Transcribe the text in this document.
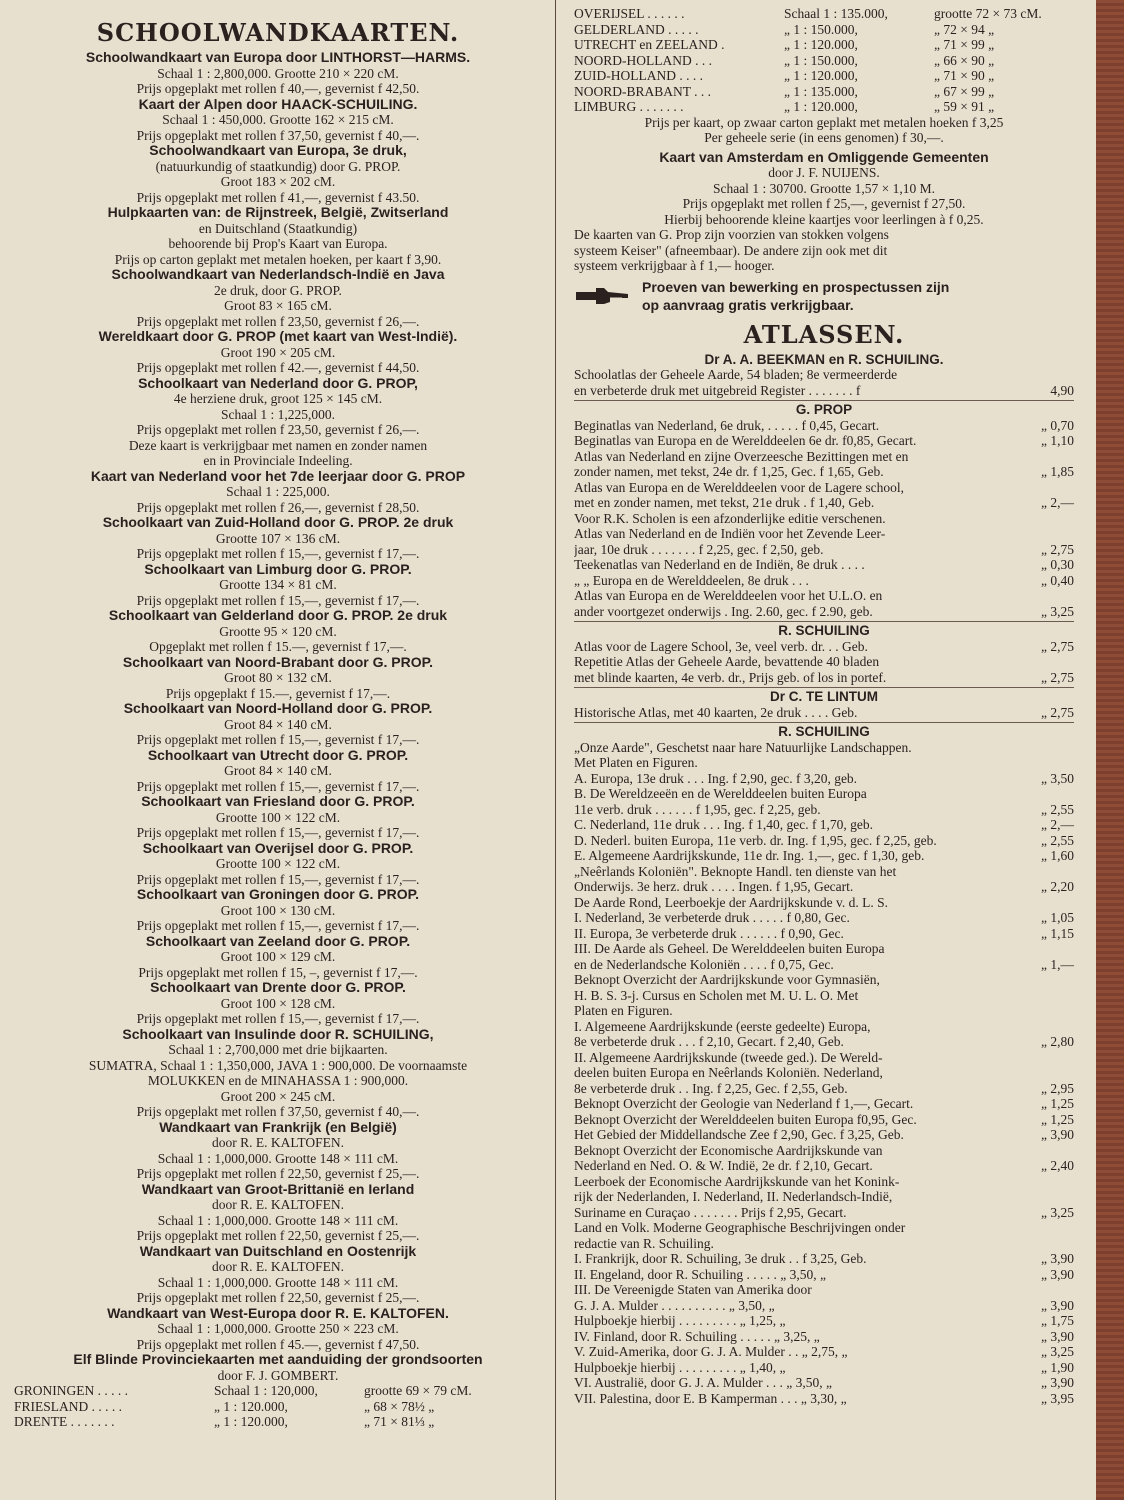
SCHOOLWANDKAARTEN.
Schoolwandkaart van Europa door LINTHORST—HARMS.
Schaal 1 : 2,800,000. Grootte 210 × 220 cM.
Prijs opgeplakt met rollen f 40,—, gevernist f 42,50.
Kaart der Alpen door HAACK-SCHUILING.
Schaal 1 : 450,000. Grootte 162 × 215 cM.
Prijs opgeplakt met rollen f 37,50, gevernist f 40,—.
Schoolwandkaart van Europa, 3e druk,
(natuurkundig of staatkundig) door G. PROP.
Groot 183 × 202 cM.
Prijs opgeplakt met rollen f 41,—, gevernist f 43.50.
Hulpkaarten van: de Rijnstreek, België, Zwitserland
en Duitschland (Staatkundig)
behoorende bij Prop's Kaart van Europa.
Prijs op carton geplakt met metalen hoeken, per kaart f 3,90.
Schoolwandkaart van Nederlandsch-Indië en Java
2e druk, door G. PROP.
Groot 83 × 165 cM.
Prijs opgeplakt met rollen f 23,50, gevernist f 26,—.
Wereldkaart door G. PROP (met kaart van West-Indië).
Groot 190 × 205 cM.
Prijs opgeplakt met rollen f 42.—, gevernist f 44,50.
Schoolkaart van Nederland door G. PROP,
4e herziene druk, groot 125 × 145 cM.
Schaal 1 : 1,225,000.
Prijs opgeplakt met rollen f 23,50, gevernist f 26,—.
Deze kaart is verkrijgbaar met namen en zonder namen
en in Provinciale Indeeling.
Kaart van Nederland voor het 7de leerjaar door G. PROP
Schaal 1 : 225,000.
Prijs opgeplakt met rollen f 26,—, gevernist f 28,50.
Schoolkaart van Zuid-Holland door G. PROP. 2e druk
Grootte 107 × 136 cM.
Prijs opgeplakt met rollen f 15,—, gevernist f 17,—.
Schoolkaart van Limburg door G. PROP.
Grootte 134 × 81 cM.
Prijs opgeplakt met rollen f 15,—, gevernist f 17,—.
Schoolkaart van Gelderland door G. PROP. 2e druk
Grootte 95 × 120 cM.
Opgeplakt met rollen f 15.—, gevernist f 17,—.
Schoolkaart van Noord-Brabant door G. PROP.
Groot 80 × 132 cM.
Prijs opgeplakt f 15.—, gevernist f 17,—.
Schoolkaart van Noord-Holland door G. PROP.
Groot 84 × 140 cM.
Prijs opgeplakt met rollen f 15,—, gevernist f 17,—.
Schoolkaart van Utrecht door G. PROP.
Groot 84 × 140 cM.
Prijs opgeplakt met rollen f 15,—, gevernist f 17,—.
Schoolkaart van Friesland door G. PROP.
Grootte 100 × 122 cM.
Prijs opgeplakt met rollen f 15,—, gevernist f 17,—.
Schoolkaart van Overijsel door G. PROP.
Grootte 100 × 122 cM.
Prijs opgeplakt met rollen f 15,—, gevernist f 17,—.
Schoolkaart van Groningen door G. PROP.
Groot 100 × 130 cM.
Prijs opgeplakt met rollen f 15,—, gevernist f 17,—.
Schoolkaart van Zeeland door G. PROP.
Groot 100 × 129 cM.
Prijs opgeplakt met rollen f 15, –, gevernist f 17,—.
Schoolkaart van Drente door G. PROP.
Groot 100 × 128 cM.
Prijs opgeplakt met rollen f 15,—, gevernist f 17,—.
Schoolkaart van Insulinde door R. SCHUILING,
Schaal 1 : 2,700,000 met drie bijkaarten.
SUMATRA, Schaal 1 : 1,350,000, JAVA 1 : 900,000. De voornaamste
MOLUKKEN en de MINAHASSA 1 : 900,000.
Groot 200 × 245 cM.
Prijs opgeplakt met rollen f 37,50, gevernist f 40,—.
Wandkaart van Frankrijk (en België)
door R. E. KALTOFEN.
Schaal 1 : 1,000,000. Grootte 148 × 111 cM.
Prijs opgeplakt met rollen f 22,50, gevernist f 25,—.
Wandkaart van Groot-Brittanië en Ierland
door R. E. KALTOFEN.
Schaal 1 : 1,000,000. Grootte 148 × 111 cM.
Prijs opgeplakt met rollen f 22,50, gevernist f 25,—.
Wandkaart van Duitschland en Oostenrijk
door R. E. KALTOFEN.
Schaal 1 : 1,000,000. Grootte 148 × 111 cM.
Prijs opgeplakt met rollen f 22,50, gevernist f 25,—.
Wandkaart van West-Europa door R. E. KALTOFEN.
Schaal 1 : 1,000,000. Grootte 250 × 223 cM.
Prijs opgeplakt met rollen f 45.—, gevernist f 47,50.
Elf Blinde Provinciekaarten met aanduiding der grondsoorten
door F. J. GOMBERT.
GRONINGEN . . . . .	Schaal 1 : 120,000,	grootte 69 × 79 cM.
FRIESLAND . . . . .	„ 1 : 120.000,	„ 68 × 78½ „
DRENTE . . . . . . .	„ 1 : 120.000,	„ 71 × 81⅓ „
OVERIJSEL . . . . . .	Schaal 1 : 135.000,	grootte 72 × 73 cM.
GELDERLAND . . . . .	„ 1 : 150.000,	„ 72 × 94 „
UTRECHT en ZEELAND .	„ 1 : 120.000,	„ 71 × 99 „
NOORD-HOLLAND . . .	„ 1 : 150.000,	„ 66 × 90 „
ZUID-HOLLAND . . . .	„ 1 : 120.000,	„ 71 × 90 „
NOORD-BRABANT . . .	„ 1 : 135.000,	„ 67 × 99 „
LIMBURG . . . . . . .	„ 1 : 120.000,	„ 59 × 91 „
Prijs per kaart, op zwaar carton geplakt met metalen hoeken f 3,25
Per geheele serie (in eens genomen) f 30,—.
Kaart van Amsterdam en Omliggende Gemeenten
door J. F. NUIJENS.
Schaal 1 : 30700. Grootte 1,57 × 1,10 M.
Prijs opgeplakt met rollen f 25,—, gevernist f 27,50.
Hierbij behoorende kleine kaartjes voor leerlingen à f 0,25.
De kaarten van G. Prop zijn voorzien van stokken volgens
systeem Keiser" (afneembaar). De andere zijn ook met dit
systeem verkrijgbaar à f 1,— hooger.
Proeven van bewerking en prospectussen zijn
op aanvraag gratis verkrijgbaar.
ATLASSEN.
Dr A. A. BEEKMAN en R. SCHUILING.
Schoolatlas der Geheele Aarde, 54 bladen; 8e vermeerderde
en verbeterde druk met uitgebreid Register . . . . . . . f	4,90
G. PROP
Beginatlas van Nederland, 6e druk, . . . . . f 0,45, Gecart.	„ 0,70
Beginatlas van Europa en de Werelddeelen 6e dr. f0,85, Gecart.	„ 1,10
Atlas van Nederland en zijne Overzeesche Bezittingen met en
zonder namen, met tekst, 24e dr. f 1,25, Gec. f 1,65, Geb.	„ 1,85
Atlas van Europa en de Werelddeelen voor de Lagere school,
met en zonder namen, met tekst, 21e druk . f 1,40, Geb.	„ 2,—
Voor R.K. Scholen is een afzonderlijke editie verschenen.
Atlas van Nederland en de Indiën voor het Zevende Leer-
jaar, 10e druk . . . . . . . f 2,25, gec. f 2,50, geb.	„ 2,75
Teekenatlas van Nederland en de Indiën, 8e druk . . . .	„ 0,30
„ „ Europa en de Werelddeelen, 8e druk . . .	„ 0,40
Atlas van Europa en de Werelddeelen voor het U.L.O. en
ander voortgezet onderwijs . Ing. 2.60, gec. f 2.90, geb.	„ 3,25
R. SCHUILING
Atlas voor de Lagere School, 3e, veel verb. dr. . . Geb.	„ 2,75
Repetitie Atlas der Geheele Aarde, bevattende 40 bladen
met blinde kaarten, 4e verb. dr., Prijs geb. of los in portef.	„ 2,75
Dr C. TE LINTUM
Historische Atlas, met 40 kaarten, 2e druk . . . . Geb.	„ 2,75
R. SCHUILING
„Onze Aarde", Geschetst naar hare Natuurlijke Landschappen.
Met Platen en Figuren.
A. Europa, 13e druk . . . Ing. f 2,90, gec. f 3,20, geb.	„ 3,50
B. De Wereldzeeën en de Werelddeelen buiten Europa
11e verb. druk . . . . . . f 1,95, gec. f 2,25, geb.	„ 2,55
C. Nederland, 11e druk . . . Ing. f 1,40, gec. f 1,70, geb.	„ 2,—
D. Nederl. buiten Europa, 11e verb. dr. Ing. f 1,95, gec. f 2,25, geb.	„ 2,55
E. Algemeene Aardrijkskunde, 11e dr. Ing. 1,—, gec. f 1,30, geb.	„ 1,60
„Neêrlands Koloniën". Beknopte Handl. ten dienste van het
Onderwijs. 3e herz. druk . . . . Ingen. f 1,95, Gecart.	„ 2,20
De Aarde Rond, Leerboekje der Aardrijkskunde v. d. L. S.
I. Nederland, 3e verbeterde druk . . . . . f 0,80, Gec.	„ 1,05
II. Europa, 3e verbeterde druk . . . . . . f 0,90, Gec.	„ 1,15
III. De Aarde als Geheel. De Werelddeelen buiten Europa
en de Nederlandsche Koloniën . . . . f 0,75, Gec.	„ 1,—
Beknopt Overzicht der Aardrijkskunde voor Gymnasiën,
H. B. S. 3-j. Cursus en Scholen met M. U. L. O. Met
Platen en Figuren.
I. Algemeene Aardrijkskunde (eerste gedeelte) Europa,
8e verbeterde druk . . . f 2,10, Gecart. f 2,40, Geb.	„ 2,80
II. Algemeene Aardrijkskunde (tweede ged.). De Wereld-
deelen buiten Europa en Neêrlands Koloniën. Nederland,
8e verbeterde druk . . Ing. f 2,25, Gec. f 2,55, Geb.	„ 2,95
Beknopt Overzicht der Geologie van Nederland f 1,—, Gecart.	„ 1,25
Beknopt Overzicht der Werelddeelen buiten Europa f0,95, Gec.	„ 1,25
Het Gebied der Middellandsche Zee f 2,90, Gec. f 3,25, Geb.	„ 3,90
Beknopt Overzicht der Economische Aardrijkskunde van
Nederland en Ned. O. & W. Indië, 2e dr. f 2,10, Gecart.	„ 2,40
Leerboek der Economische Aardrijkskunde van het Konink-
rijk der Nederlanden, I. Nederland, II. Nederlandsch-Indië,
Suriname en Curaçao . . . . . . . Prijs f 2,95, Gecart.	„ 3,25
Land en Volk. Moderne Geographische Beschrijvingen onder
redactie van R. Schuiling.
I. Frankrijk, door R. Schuiling, 3e druk . . f 3,25, Geb.	„ 3,90
II. Engeland, door R. Schuiling . . . . . „ 3,50, „	„ 3,90
III. De Vereenigde Staten van Amerika door
G. J. A. Mulder . . . . . . . . . . „ 3,50, „	„ 3,90
Hulpboekje hierbij . . . . . . . . . „ 1,25, „	„ 1,75
IV. Finland, door R. Schuiling . . . . . „ 3,25, „	„ 3,90
V. Zuid-Amerika, door G. J. A. Mulder . . „ 2,75, „	„ 3,25
Hulpboekje hierbij . . . . . . . . . „ 1,40, „	„ 1,90
VI. Australië, door G. J. A. Mulder . . . „ 3,50, „	„ 3,90
VII. Palestina, door E. B Kamperman . . . „ 3,30, „	„ 3,95
